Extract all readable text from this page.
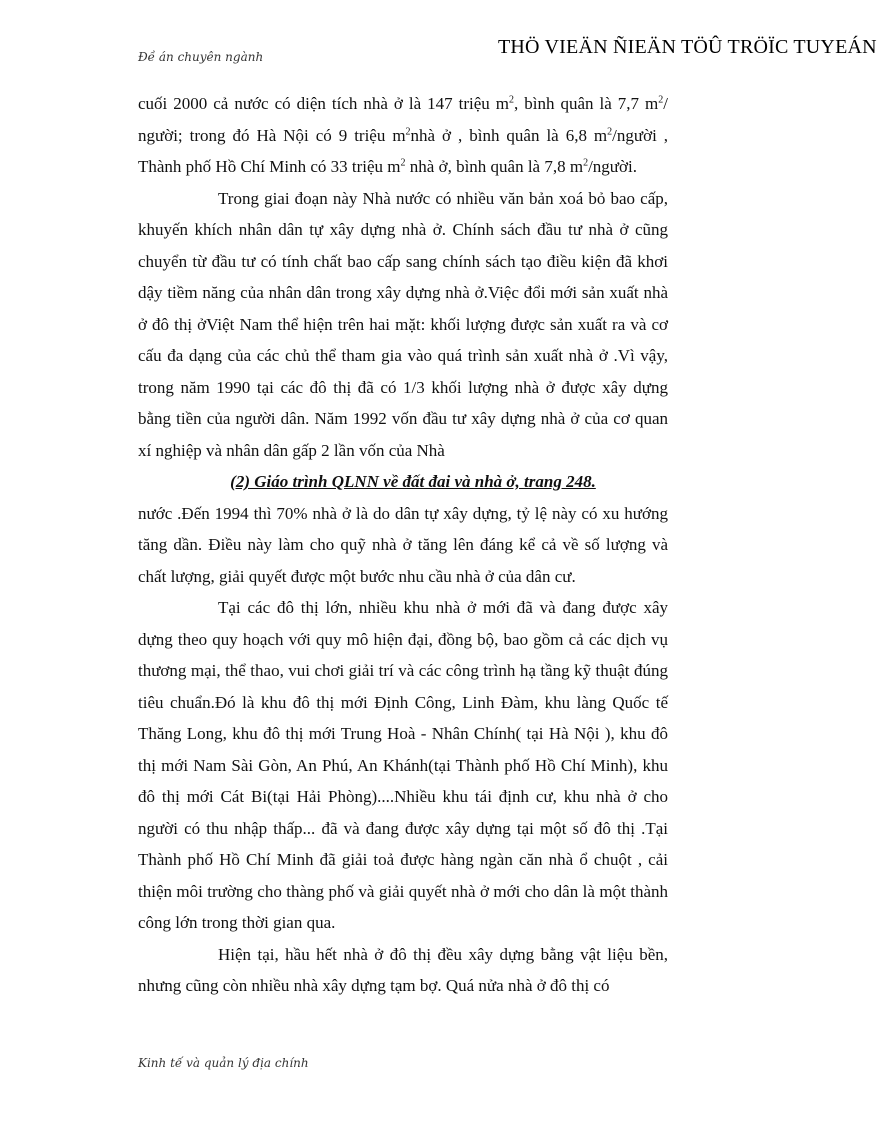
Đề án chuyên ngành	THÖ VIEÄN ÑIEÄN TÖÛ TRÖÏC TUYEÁN

cuối 2000 cả nước có diện tích nhà ở là 147 triệu $m^2$, bình quân là 7,7 $m^2/$ người; trong đó Hà Nội có 9 triệu $m^2nhà$ ở , bình quân là 6,8 $m^2$/người , Thành phố Hồ Chí Minh có 33 triệu $m^2$ nhà ở, bình quân là 7,8 $m^2$/người.

Trong giai đoạn này Nhà nước có nhiều văn bản xoá bỏ bao cấp, khuyến khích nhân dân tự xây dựng nhà ở. Chính sách đầu tư nhà ở cũng chuyển từ đầu tư có tính chất bao cấp sang chính sách tạo điều kiện đã khơi dậy tiềm năng của nhân dân trong xây dựng nhà ở.Việc đổi mới sản xuất nhà ở đô thị ởViệt Nam thể hiện trên hai mặt: khối lượng được sản xuất ra và cơ cấu đa dạng của các chủ thể tham gia vào quá trình sản xuất nhà ở .Vì vậy, trong năm 1990 tại các đô thị đã có 1/3 khối lượng nhà ở được xây dựng bằng tiền của người dân. Năm 1992 vốn đầu tư xây dựng nhà ở của cơ quan xí nghiệp và nhân dân gấp 2 lần vốn của Nhà

(2) Giáo trình QLNN về đất đai và nhà ở, trang 248.

nước .Đến 1994 thì 70% nhà ở là do dân tự xây dựng, tỷ lệ này có xu hướng tăng dần. Điều này làm cho quỹ nhà ở tăng lên đáng kể cả về số lượng và chất lượng, giải quyết được một bước nhu cầu nhà ở của dân cư.

Tại các đô thị lớn, nhiều khu nhà ở mới đã và đang được xây dựng theo quy hoạch với quy mô hiện đại, đồng bộ, bao gồm cả các dịch vụ thương mại, thể thao, vui chơi giải trí và các công trình hạ tầng kỹ thuật đúng tiêu chuẩn.Đó là khu đô thị mới Định Công, Linh Đàm, khu làng Quốc tế Thăng Long, khu đô thị mới Trung Hoà - Nhân Chính( tại Hà Nội ), khu đô thị mới Nam Sài Gòn, An Phú, An Khánh(tại Thành phố Hồ Chí Minh), khu đô thị mới Cát Bi(tại Hải Phòng)....Nhiều khu tái định cư, khu nhà ở cho người có thu nhập thấp... đã và đang được xây dựng tại một số đô thị .Tại Thành phố Hồ Chí Minh đã giải toả được hàng ngàn căn nhà ổ chuột , cải thiện môi trường cho thàng phố và giải quyết nhà ở mới cho dân là một thành công lớn trong thời gian qua.

Hiện tại, hầu hết nhà ở đô thị đều xây dựng bằng vật liệu bền, nhưng cũng còn nhiều nhà xây dựng tạm bợ. Quá nửa nhà ở đô thị có

Kinh tế và quản lý địa chính
